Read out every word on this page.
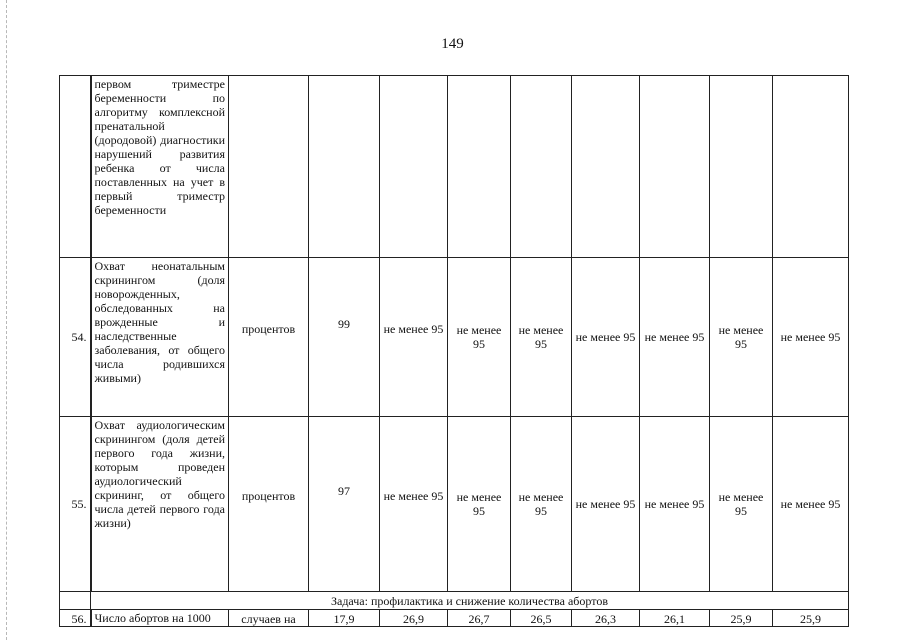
149
	первом триместре беременности по алгоритму комплексной пренатальной (дородовой) диагностики нарушений развития ребенка от числа поставленных на учет в первый триместр беременности									
54.	Охват неонатальным скринингом (доля новорожденных, обследованных на врожденные и наследственные заболевания, от общего числа родившихся живыми)	процентов	99	не менее 95	не менее 95	не менее 95	не менее 95	не менее 95	не менее 95	не менее 95
55.	Охват аудиологическим скринингом (доля детей первого года жизни, которым проведен аудиологический скрининг, от общего числа детей первого года жизни)	процентов	97	не менее 95	не менее 95	не менее 95	не менее 95	не менее 95	не менее 95	не менее 95
	Задача: профилактика и снижение количества абортов									
56.	Число абортов на 1000	случаев на	17,9	26,9	26,7	26,5	26,3	26,1	25,9	25,9
